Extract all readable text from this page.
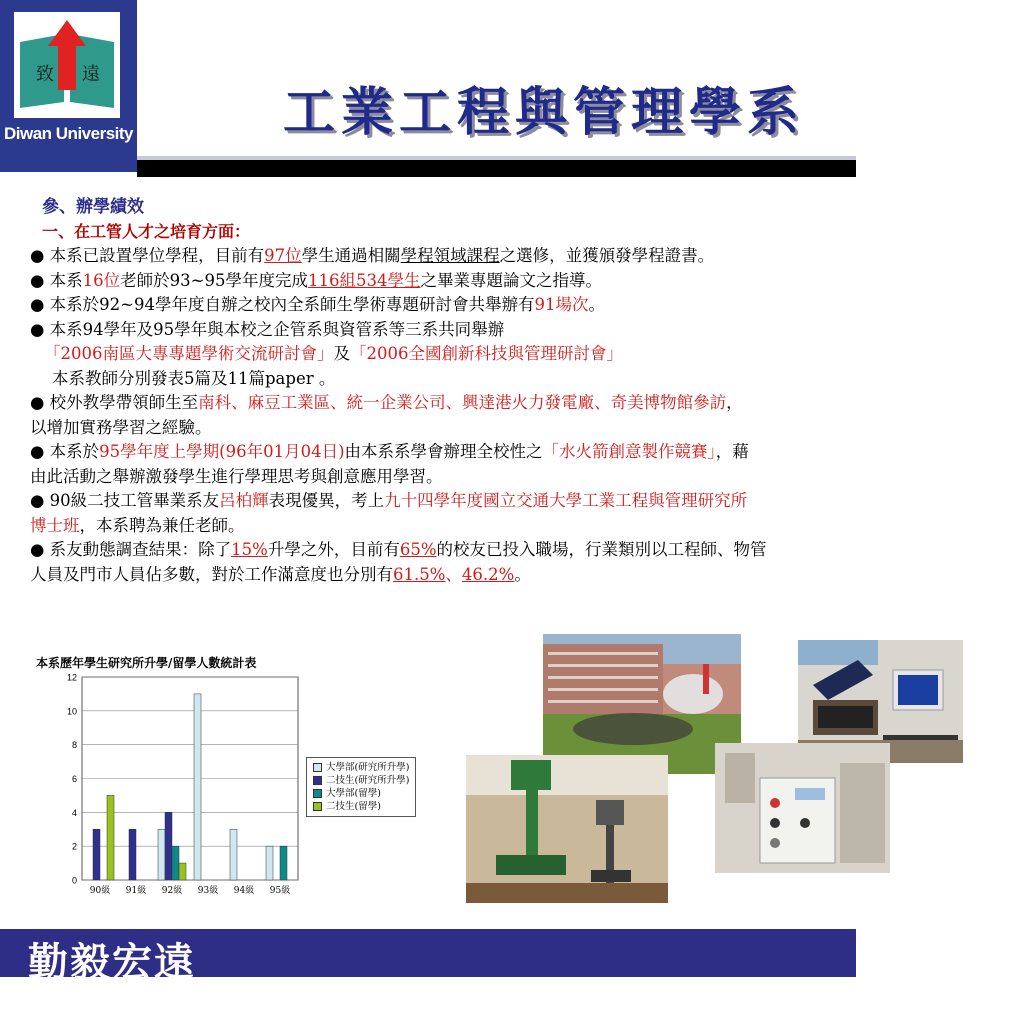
致 遠
Diwan University	工業工程與管理學系
參、辦學績效
一、在工管人才之培育方面：
● 本系已設置學位學程，目前有97位學生通過相關學程領域課程之選修，並獲頒發學程證書。
● 本系16位老師於93~95學年度完成116組534學生之畢業專題論文之指導。
● 本系於92~94學年度自辦之校內全系師生學術專題研討會共舉辦有91場次。
● 本系94學年及95學年與本校之企管系與資管系等三系共同舉辦
「2006南區大專專題學術交流研討會」及「2006全國創新科技與管理研討會」
本系教師分別發表5篇及11篇paper 。
● 校外教學帶領師生至南科、麻豆工業區、統一企業公司、興達港火力發電廠、奇美博物館參訪，
以增加實務學習之經驗。
● 本系於95學年度上學期(96年01月04日)由本系系學會辦理全校性之「水火箭創意製作競賽」，藉
由此活動之舉辦激發學生進行學理思考與創意應用學習。
● 90級二技工管畢業系友呂柏輝表現優異，考上九十四學年度國立交通大學工業工程與管理研究所
博士班，本系聘為兼任老師。
● 系友動態調查結果：除了15%升學之外，目前有65%的校友已投入職場，行業類別以工程師、物管
人員及門市人員佔多數，對於工作滿意度也分別有61.5%、46.2%。
本系歷年學生研究所升學/留學人數統計表
0
2
4
6
8
10
12
90級 91級 92級 93級 94級 95級
大學部(研究所升學)
二技生(研究所升學)
大學部(留學)
二技生(留學)
勤毅宏遠
